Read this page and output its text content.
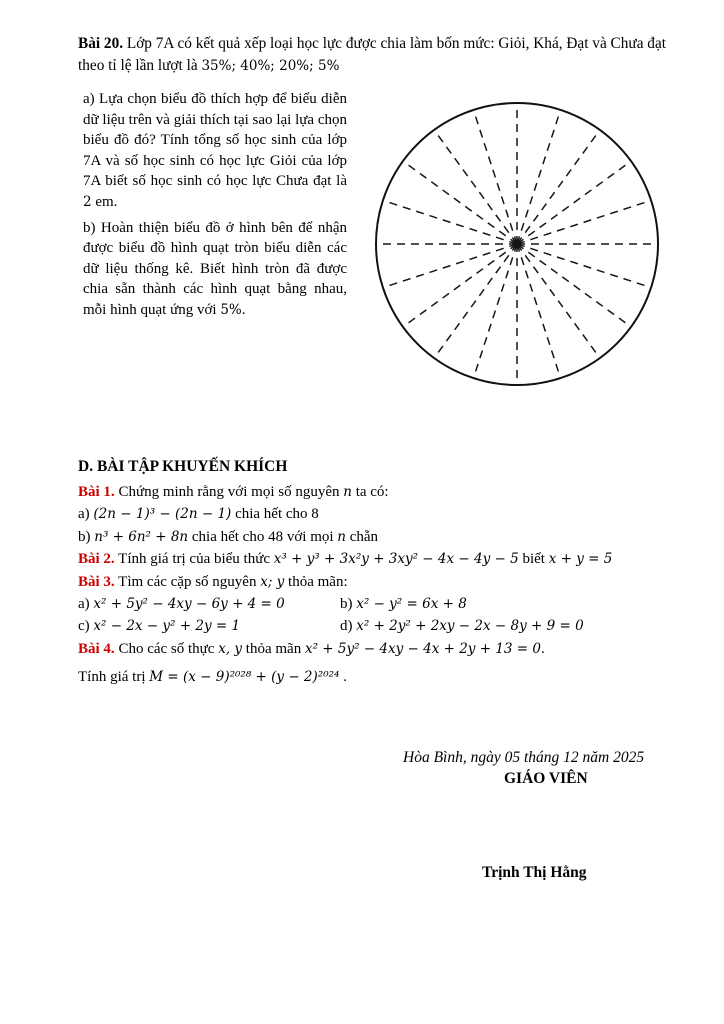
Bài 20. Lớp 7A có kết quả xếp loại học lực được chia làm bốn mức: Giỏi, Khá, Đạt và Chưa đạt theo tỉ lệ lần lượt là 35%; 40%; 20%; 5%

a) Lựa chọn biểu đồ thích hợp để biểu diễn dữ liệu trên và giải thích tại sao lại lựa chọn biểu đồ đó? Tính tổng số học sinh của lớp 7A và số học sinh có học lực Giỏi của lớp 7A biết số học sinh có học lực Chưa đạt là 2 em.

b) Hoàn thiện biểu đồ ở hình bên để nhận được biểu đồ hình quạt tròn biểu diễn các dữ liệu thống kê. Biết hình tròn đã được chia sẵn thành các hình quạt bằng nhau, mỗi hình quạt ứng với 5%.

D. BÀI TẬP KHUYẾN KHÍCH
Bài 1. Chứng minh rằng với mọi số nguyên n ta có:
a) (2n − 1)³ − (2n − 1) chia hết cho 8
b) n³ + 6n² + 8n chia hết cho 48 với mọi n chẵn
Bài 2. Tính giá trị của biểu thức x³ + y³ + 3x²y + 3xy² − 4x − 4y − 5 biết x + y = 5
Bài 3. Tìm các cặp số nguyên x; y thỏa mãn:
a) x² + 5y² − 4xy − 6y + 4 = 0	b) x² − y² = 6x + 8
c) x² − 2x − y² + 2y = 1	d) x² + 2y² + 2xy − 2x − 8y + 9 = 0
Bài 4. Cho các số thực x, y thỏa mãn x² + 5y² − 4xy − 4x + 2y + 13 = 0.
Tính giá trị M = (x − 9)²⁰²⁸ + (y − 2)²⁰²⁴ .
Hòa Bình, ngày 05 tháng 12 năm 2025
GIÁO VIÊN
Trịnh Thị Hằng
